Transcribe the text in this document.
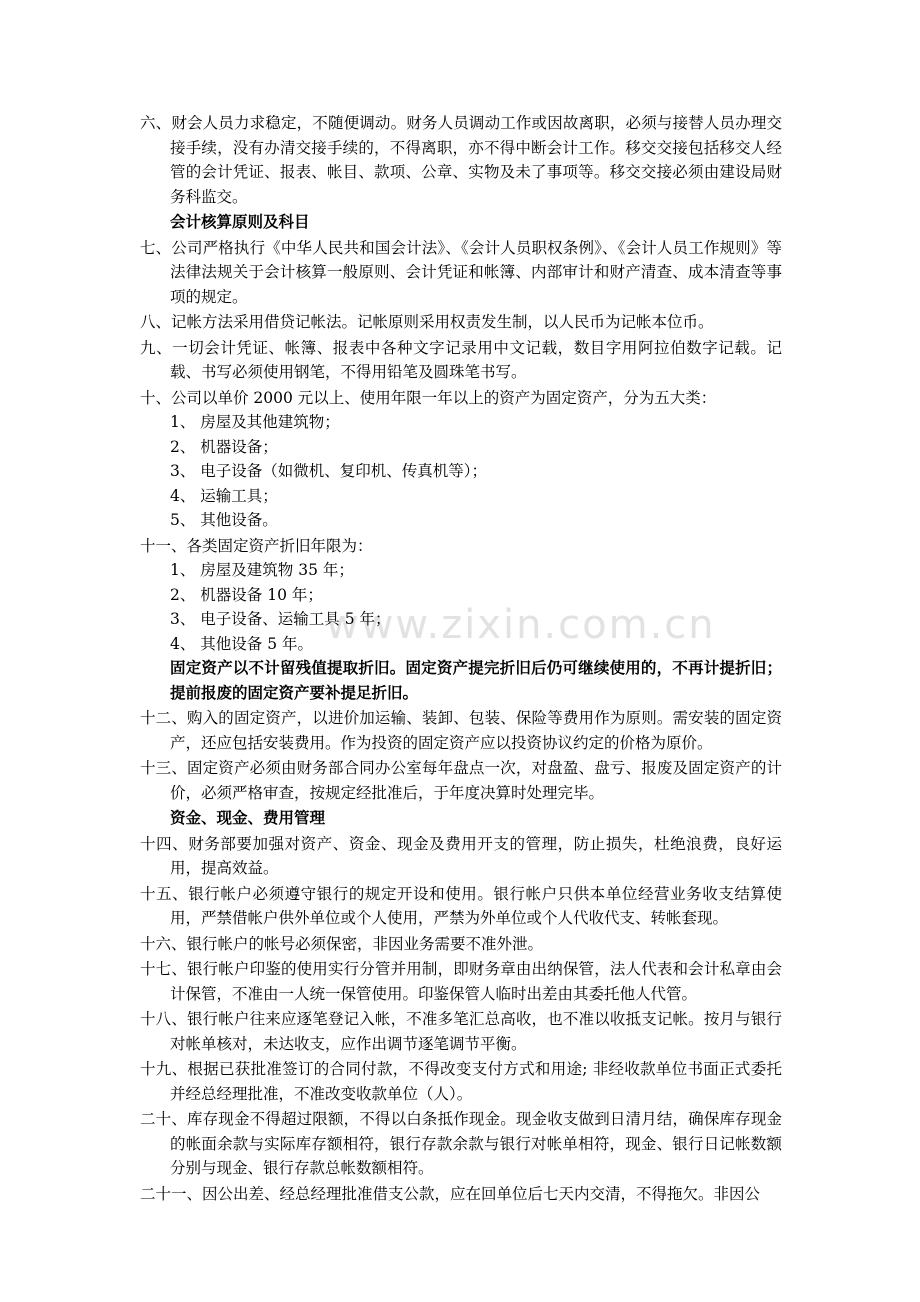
www.zixin.com.cn

六、财会人员力求稳定，不随便调动。财务人员调动工作或因故离职，必须与接替人员办理交接手续，没有办清交接手续的，不得离职，亦不得中断会计工作。移交交接包括移交人经管的会计凭证、报表、帐目、款项、公章、实物及未了事项等。移交交接必须由建设局财务科监交。

会计核算原则及科目

七、公司严格执行《中华人民共和国会计法》、《会计人员职权条例》、《会计人员工作规则》等法律法规关于会计核算一般原则、会计凭证和帐簿、内部审计和财产清查、成本清查等事项的规定。

八、记帐方法采用借贷记帐法。记帐原则采用权责发生制，以人民币为记帐本位币。

九、一切会计凭证、帐簿、报表中各种文字记录用中文记载，数目字用阿拉伯数字记载。记载、书写必须使用钢笔，不得用铅笔及圆珠笔书写。

十、公司以单价 2000 元以上、使用年限一年以上的资产为固定资产，分为五大类：

1、 房屋及其他建筑物；

2、 机器设备；

3、 电子设备（如微机、复印机、传真机等）；

4、 运输工具；

5、 其他设备。

十一、各类固定资产折旧年限为：

1、 房屋及建筑物 35 年；

2、 机器设备 10 年；

3、 电子设备、运输工具 5 年；

4、 其他设备 5 年。

固定资产以不计留残值提取折旧。固定资产提完折旧后仍可继续使用的，不再计提折旧；提前报废的固定资产要补提足折旧。

十二、购入的固定资产，以进价加运输、装卸、包装、保险等费用作为原则。需安装的固定资产，还应包括安装费用。作为投资的固定资产应以投资协议约定的价格为原价。

十三、固定资产必须由财务部合同办公室每年盘点一次，对盘盈、盘亏、报废及固定资产的计价，必须严格审查，按规定经批准后，于年度决算时处理完毕。

资金、现金、费用管理

十四、财务部要加强对资产、资金、现金及费用开支的管理，防止损失，杜绝浪费，良好运用，提高效益。

十五、银行帐户必须遵守银行的规定开设和使用。银行帐户只供本单位经营业务收支结算使用，严禁借帐户供外单位或个人使用，严禁为外单位或个人代收代支、转帐套现。

十六、银行帐户的帐号必须保密，非因业务需要不准外泄。

十七、银行帐户印鉴的使用实行分管并用制，即财务章由出纳保管，法人代表和会计私章由会计保管，不准由一人统一保管使用。印鉴保管人临时出差由其委托他人代管。

十八、银行帐户往来应逐笔登记入帐，不准多笔汇总高收，也不准以收抵支记帐。按月与银行对帐单核对，未达收支，应作出调节逐笔调节平衡。

十九、根据已获批准签订的合同付款，不得改变支付方式和用途; 非经收款单位书面正式委托并经总经理批准，不准改变收款单位（人）。

二十、库存现金不得超过限额，不得以白条抵作现金。现金收支做到日清月结，确保库存现金的帐面余款与实际库存额相符，银行存款余款与银行对帐单相符，现金、银行日记帐数额分别与现金、银行存款总帐数额相符。

二十一、因公出差、经总经理批准借支公款，应在回单位后七天内交清，不得拖欠。非因公
